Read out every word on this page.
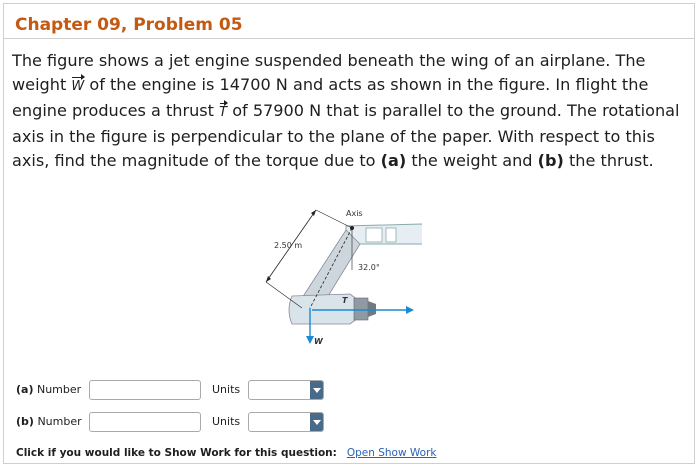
Chapter 09, Problem 05
The figure shows a jet engine suspended beneath the wing of an airplane. The weight W of the engine is 14700 N and acts as shown in the figure. In flight the engine produces a thrust T of 57900 N that is parallel to the ground. The rotational axis in the figure is perpendicular to the plane of the paper. With respect to this axis, find the magnitude of the torque due to (a) the weight and (b) the thrust.
Axis
2.50 m
32.0°
T
W
(a) Number	Units
(b) Number	Units
Click if you would like to Show Work for this question: Open Show Work
